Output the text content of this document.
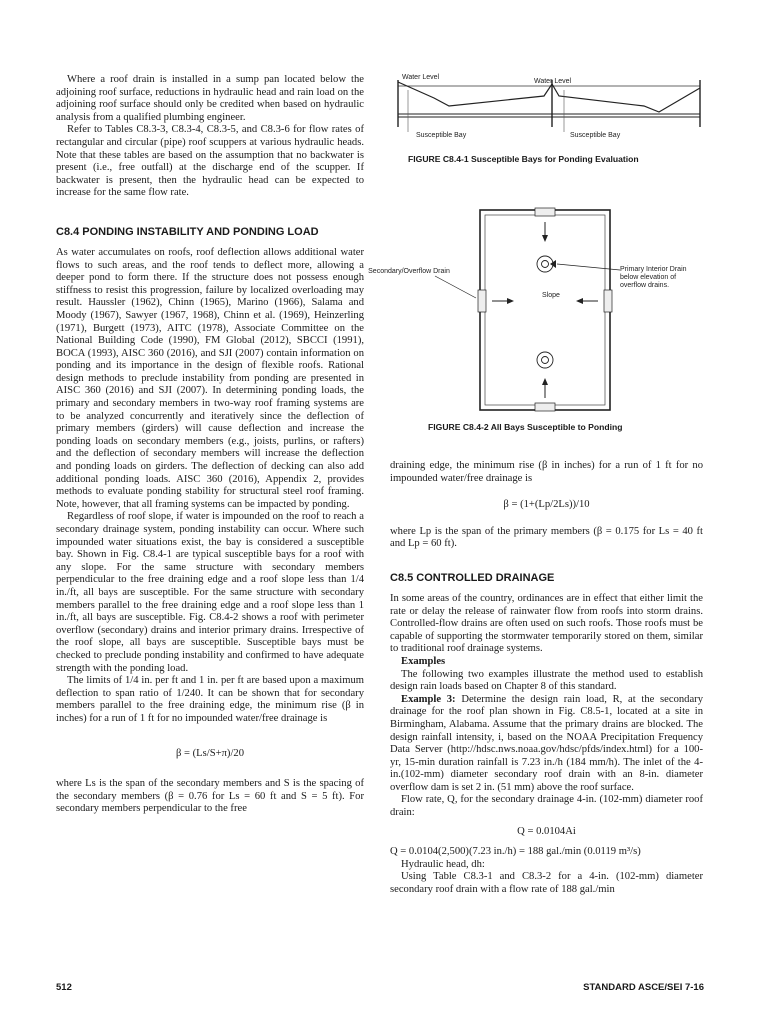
Where a roof drain is installed in a sump pan located below the adjoining roof surface, reductions in hydraulic head and rain load on the adjoining roof surface should only be credited when based on hydraulic analysis from a qualified plumbing engineer.

Refer to Tables C8.3-3, C8.3-4, C8.3-5, and C8.3-6 for flow rates of rectangular and circular (pipe) roof scuppers at various hydraulic heads. Note that these tables are based on the assumption that no backwater is present (i.e., free outfall) at the discharge end of the scupper. If backwater is present, then the hydraulic head can be expected to increase for the same flow rate.

C8.4 PONDING INSTABILITY AND PONDING LOAD

As water accumulates on roofs, roof deflection allows additional water flows to such areas, and the roof tends to deflect more, allowing a deeper pond to form there. If the structure does not possess enough stiffness to resist this progression, failure by localized overloading may result. Haussler (1962), Chinn (1965), Marino (1966), Salama and Moody (1967), Sawyer (1967, 1968), Chinn et al. (1969), Heinzerling (1971), Burgett (1973), AITC (1978), Associate Committee on the National Building Code (1990), FM Global (2012), SBCCI (1991), BOCA (1993), AISC 360 (2016), and SJI (2007) contain information on ponding and its importance in the design of flexible roofs. Rational design methods to preclude instability from ponding are presented in AISC 360 (2016) and SJI (2007). In determining ponding loads, the primary and secondary members in two-way roof framing systems are to be analyzed concurrently and iteratively since the deflection of primary members (girders) will cause deflection and increase the ponding loads on secondary members (e.g., joists, purlins, or rafters) and the deflection of secondary members will increase the deflection and ponding loads on girders. The deflection of decking can also add additional ponding loads. AISC 360 (2016), Appendix 2, provides methods to evaluate ponding stability for structural steel roof framing. Note, however, that all framing systems can be impacted by ponding.

Regardless of roof slope, if water is impounded on the roof to reach a secondary drainage system, ponding instability can occur. Where such impounded water situations exist, the bay is considered a susceptible bay. Shown in Fig. C8.4-1 are typical susceptible bays for a roof with any slope. For the same structure with secondary members perpendicular to the free draining edge and a roof slope less than 1/4 in./ft, all bays are susceptible. For the same structure with secondary members parallel to the free draining edge and a roof slope less than 1 in./ft, all bays are susceptible. Fig. C8.4-2 shows a roof with perimeter overflow (secondary) drains and interior primary drains. Irrespective of the roof slope, all bays are susceptible. Susceptible bays must be checked to preclude ponding instability and confirmed to have adequate strength with the ponding load.

The limits of 1/4 in. per ft and 1 in. per ft are based upon a maximum deflection to span ratio of 1/240. It can be shown that for secondary members parallel to the free draining edge, the minimum rise (β in inches) for a run of 1 ft for no impounded water/free drainage is

β = (Ls/S+π)/20

where Ls is the span of the secondary members and S is the spacing of the secondary members (β = 0.76 for Ls = 60 ft and S = 5 ft). For secondary members perpendicular to the free

Water Level
Water Level
Susceptible Bay	Susceptible Bay
FIGURE C8.4-1 Susceptible Bays for Ponding Evaluation
Secondary/Overflow Drain	Primary Interior Drain below elevation of overflow drains.
Slope
FIGURE C8.4-2 All Bays Susceptible to Ponding

draining edge, the minimum rise (β in inches) for a run of 1 ft for no impounded water/free drainage is

β = (1+(Lp/2Ls))/10

where Lp is the span of the primary members (β = 0.175 for Ls = 40 ft and Lp = 60 ft).

C8.5 CONTROLLED DRAINAGE

In some areas of the country, ordinances are in effect that either limit the rate or delay the release of rainwater flow from roofs into storm drains. Controlled-flow drains are often used on such roofs. Those roofs must be capable of supporting the stormwater temporarily stored on them, similar to traditional roof drainage systems.

Examples

The following two examples illustrate the method used to establish design rain loads based on Chapter 8 of this standard.

Example 3: Determine the design rain load, R, at the secondary drainage for the roof plan shown in Fig. C8.5-1, located at a site in Birmingham, Alabama. Assume that the primary drains are blocked. The design rainfall intensity, i, based on the NOAA Precipitation Frequency Data Server (http://hdsc.nws.noaa.gov/hdsc/pfds/index.html) for a 100-yr, 15-min duration rainfall is 7.23 in./h (184 mm/h). The inlet of the 4-in.(102-mm) diameter secondary roof drain with an 8-in. diameter overflow dam is set 2 in. (51 mm) above the roof surface.

Flow rate, Q, for the secondary drainage 4-in. (102-mm) diameter roof drain:

Q = 0.0104Ai

Q = 0.0104(2,500)(7.23 in./h) = 188 gal./min (0.0119 m³/s)

Hydraulic head, dh:

Using Table C8.3-1 and C8.3-2 for a 4-in. (102-mm) diameter secondary roof drain with a flow rate of 188 gal./min

512	STANDARD ASCE/SEI 7-16
